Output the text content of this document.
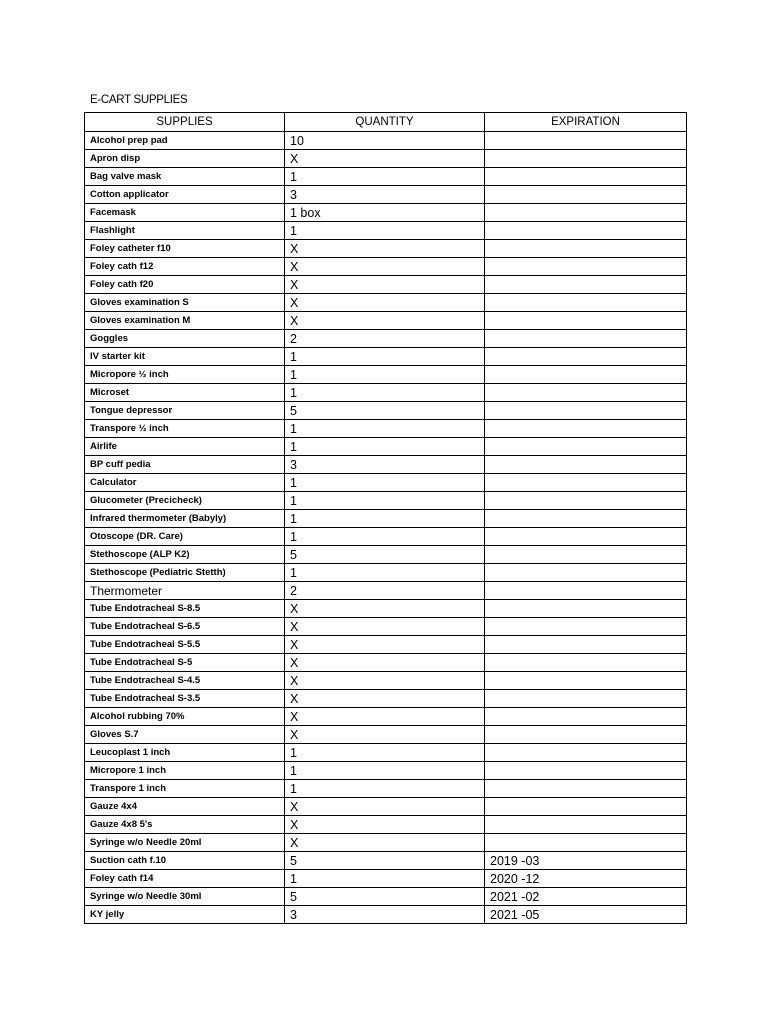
E-CART SUPPLIES
SUPPLIES	QUANTITY	EXPIRATION
Alcohol prep pad	10	
Apron disp	X	
Bag valve mask	1	
Cotton applicator	3	
Facemask	1 box	
Flashlight	1	
Foley catheter f10	X	
Foley cath f12	X	
Foley cath f20	X	
Gloves examination S	X	
Gloves examination M	X	
Goggles	2	
IV starter kit	1	
Micropore ½ inch	1	
Microset	1	
Tongue depressor	5	
Transpore ½ inch	1	
Airlife	1	
BP cuff pedia	3	
Calculator	1	
Glucometer (Precicheck)	1	
Infrared thermometer (Babyly)	1	
Otoscope (DR. Care)	1	
Stethoscope (ALP K2)	5	
Stethoscope (Pediatric Stetth)	1	
Thermometer	2	
Tube Endotracheal S-8.5	X	
Tube Endotracheal S-6.5	X	
Tube Endotracheal S-5.5	X	
Tube Endotracheal S-5	X	
Tube Endotracheal S-4.5	X	
Tube Endotracheal S-3.5	X	
Alcohol rubbing 70%	X	
Gloves S.7	X	
Leucoplast 1 inch	1	
Micropore 1 inch	1	
Transpore 1 inch	1	
Gauze 4x4	X	
Gauze 4x8 5's	X	
Syringe w/o Needle 20ml	X	
Suction cath f.10	5	2019 -03
Foley cath f14	1	2020 -12
Syringe w/o Needle 30ml	5	2021 -02
KY jelly	3	2021 -05
